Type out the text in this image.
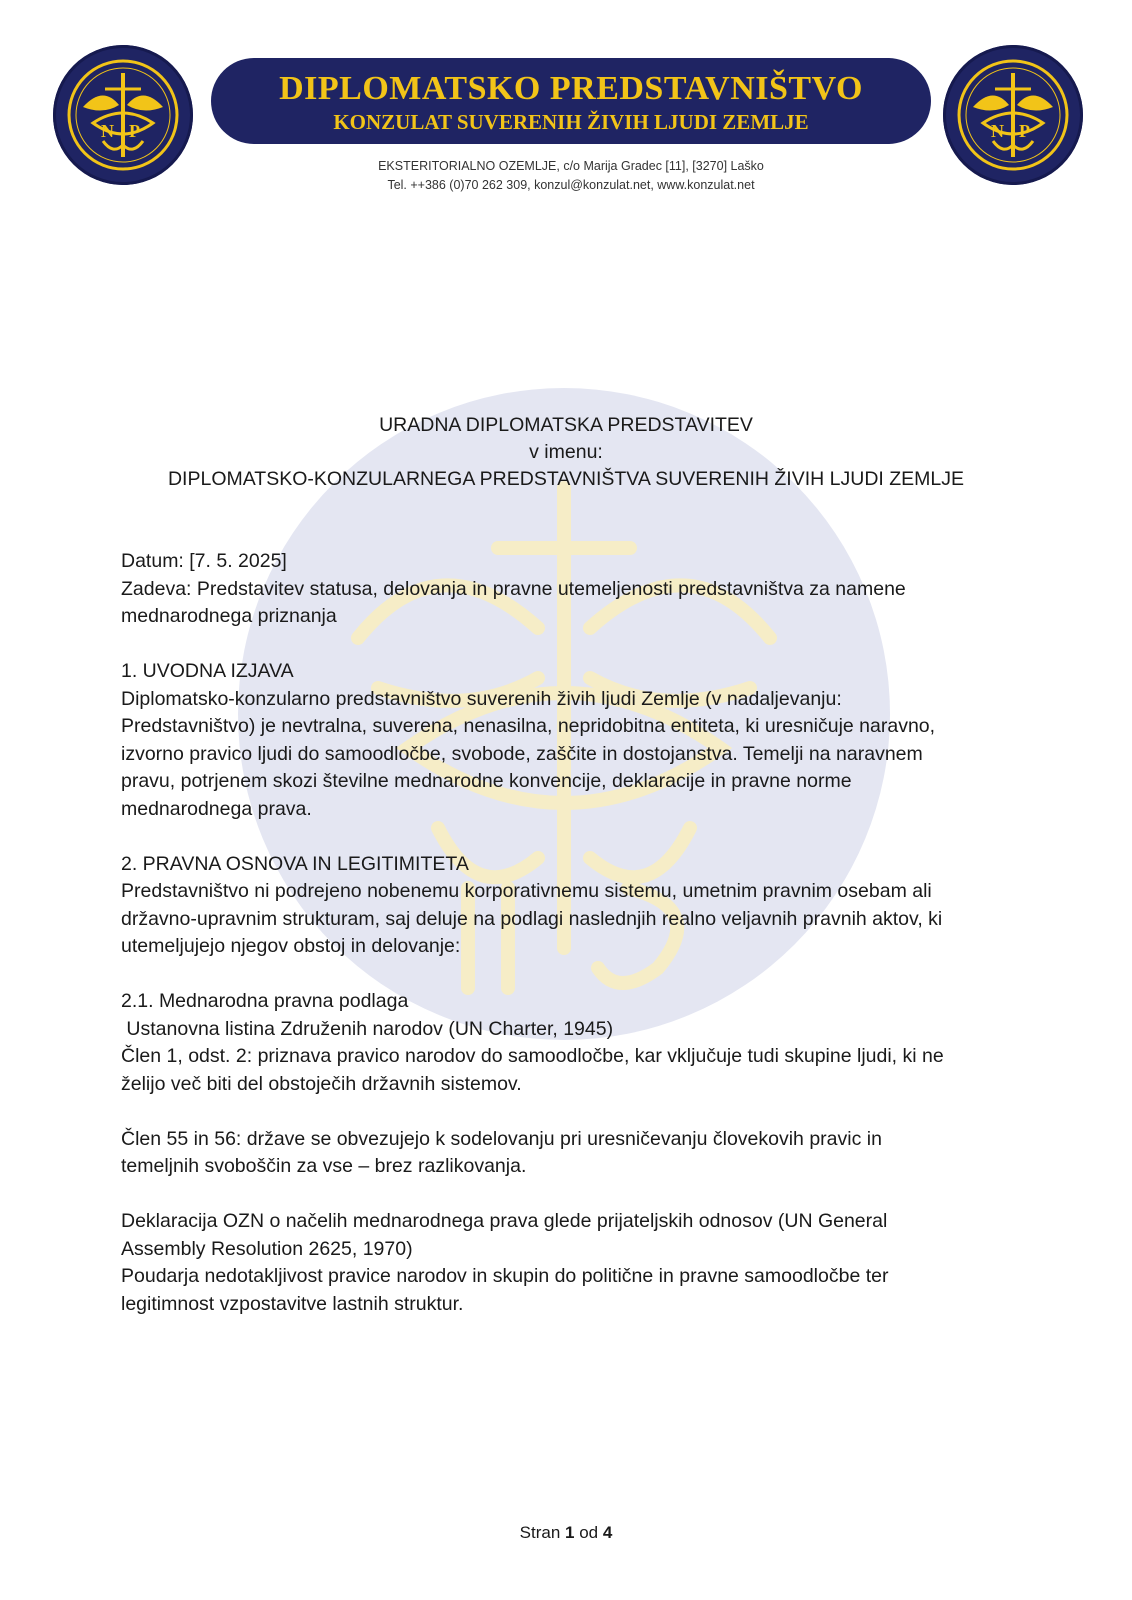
N P
DIPLOMATSKO PREDSTAVNIŠTVO
KONZULAT SUVERENIH ŽIVIH LJUDI ZEMLJE	N P
EKSTERITORIALNO OZEMLJE, c/o Marija Gradec [11], [3270] Laško
Tel. ++386 (0)70 262 309, konzul@konzulat.net, www.konzulat.net
URADNA DIPLOMATSKA PREDSTAVITEV
v imenu:
DIPLOMATSKO-KONZULARNEGA PREDSTAVNIŠTVA SUVERENIH ŽIVIH LJUDI ZEMLJE

Datum: [7. 5. 2025]

Zadeva: Predstavitev statusa, delovanja in pravne utemeljenosti predstavništva za namene

mednarodnega priznanja

1. UVODNA IZJAVA

Diplomatsko-konzularno predstavništvo suverenih živih ljudi Zemlje (v nadaljevanju:

Predstavništvo) je nevtralna, suverena, nenasilna, nepridobitna entiteta, ki uresničuje naravno,

izvorno pravico ljudi do samoodločbe, svobode, zaščite in dostojanstva. Temelji na naravnem

pravu, potrjenem skozi številne mednarodne konvencije, deklaracije in pravne norme

mednarodnega prava.

2. PRAVNA OSNOVA IN LEGITIMITETA

Predstavništvo ni podrejeno nobenemu korporativnemu sistemu, umetnim pravnim osebam ali

državno-upravnim strukturam, saj deluje na podlagi naslednjih realno veljavnih pravnih aktov, ki

utemeljujejo njegov obstoj in delovanje:

2.1. Mednarodna pravna podlaga

Ustanovna listina Združenih narodov (UN Charter, 1945)

Člen 1, odst. 2: priznava pravico narodov do samoodločbe, kar vključuje tudi skupine ljudi, ki ne

želijo več biti del obstoječih državnih sistemov.

Člen 55 in 56: države se obvezujejo k sodelovanju pri uresničevanju človekovih pravic in

temeljnih svoboščin za vse – brez razlikovanja.

Deklaracija OZN o načelih mednarodnega prava glede prijateljskih odnosov (UN General

Assembly Resolution 2625, 1970)

Poudarja nedotakljivost pravice narodov in skupin do politične in pravne samoodločbe ter

legitimnost vzpostavitve lastnih struktur.

Stran 1 od 4
